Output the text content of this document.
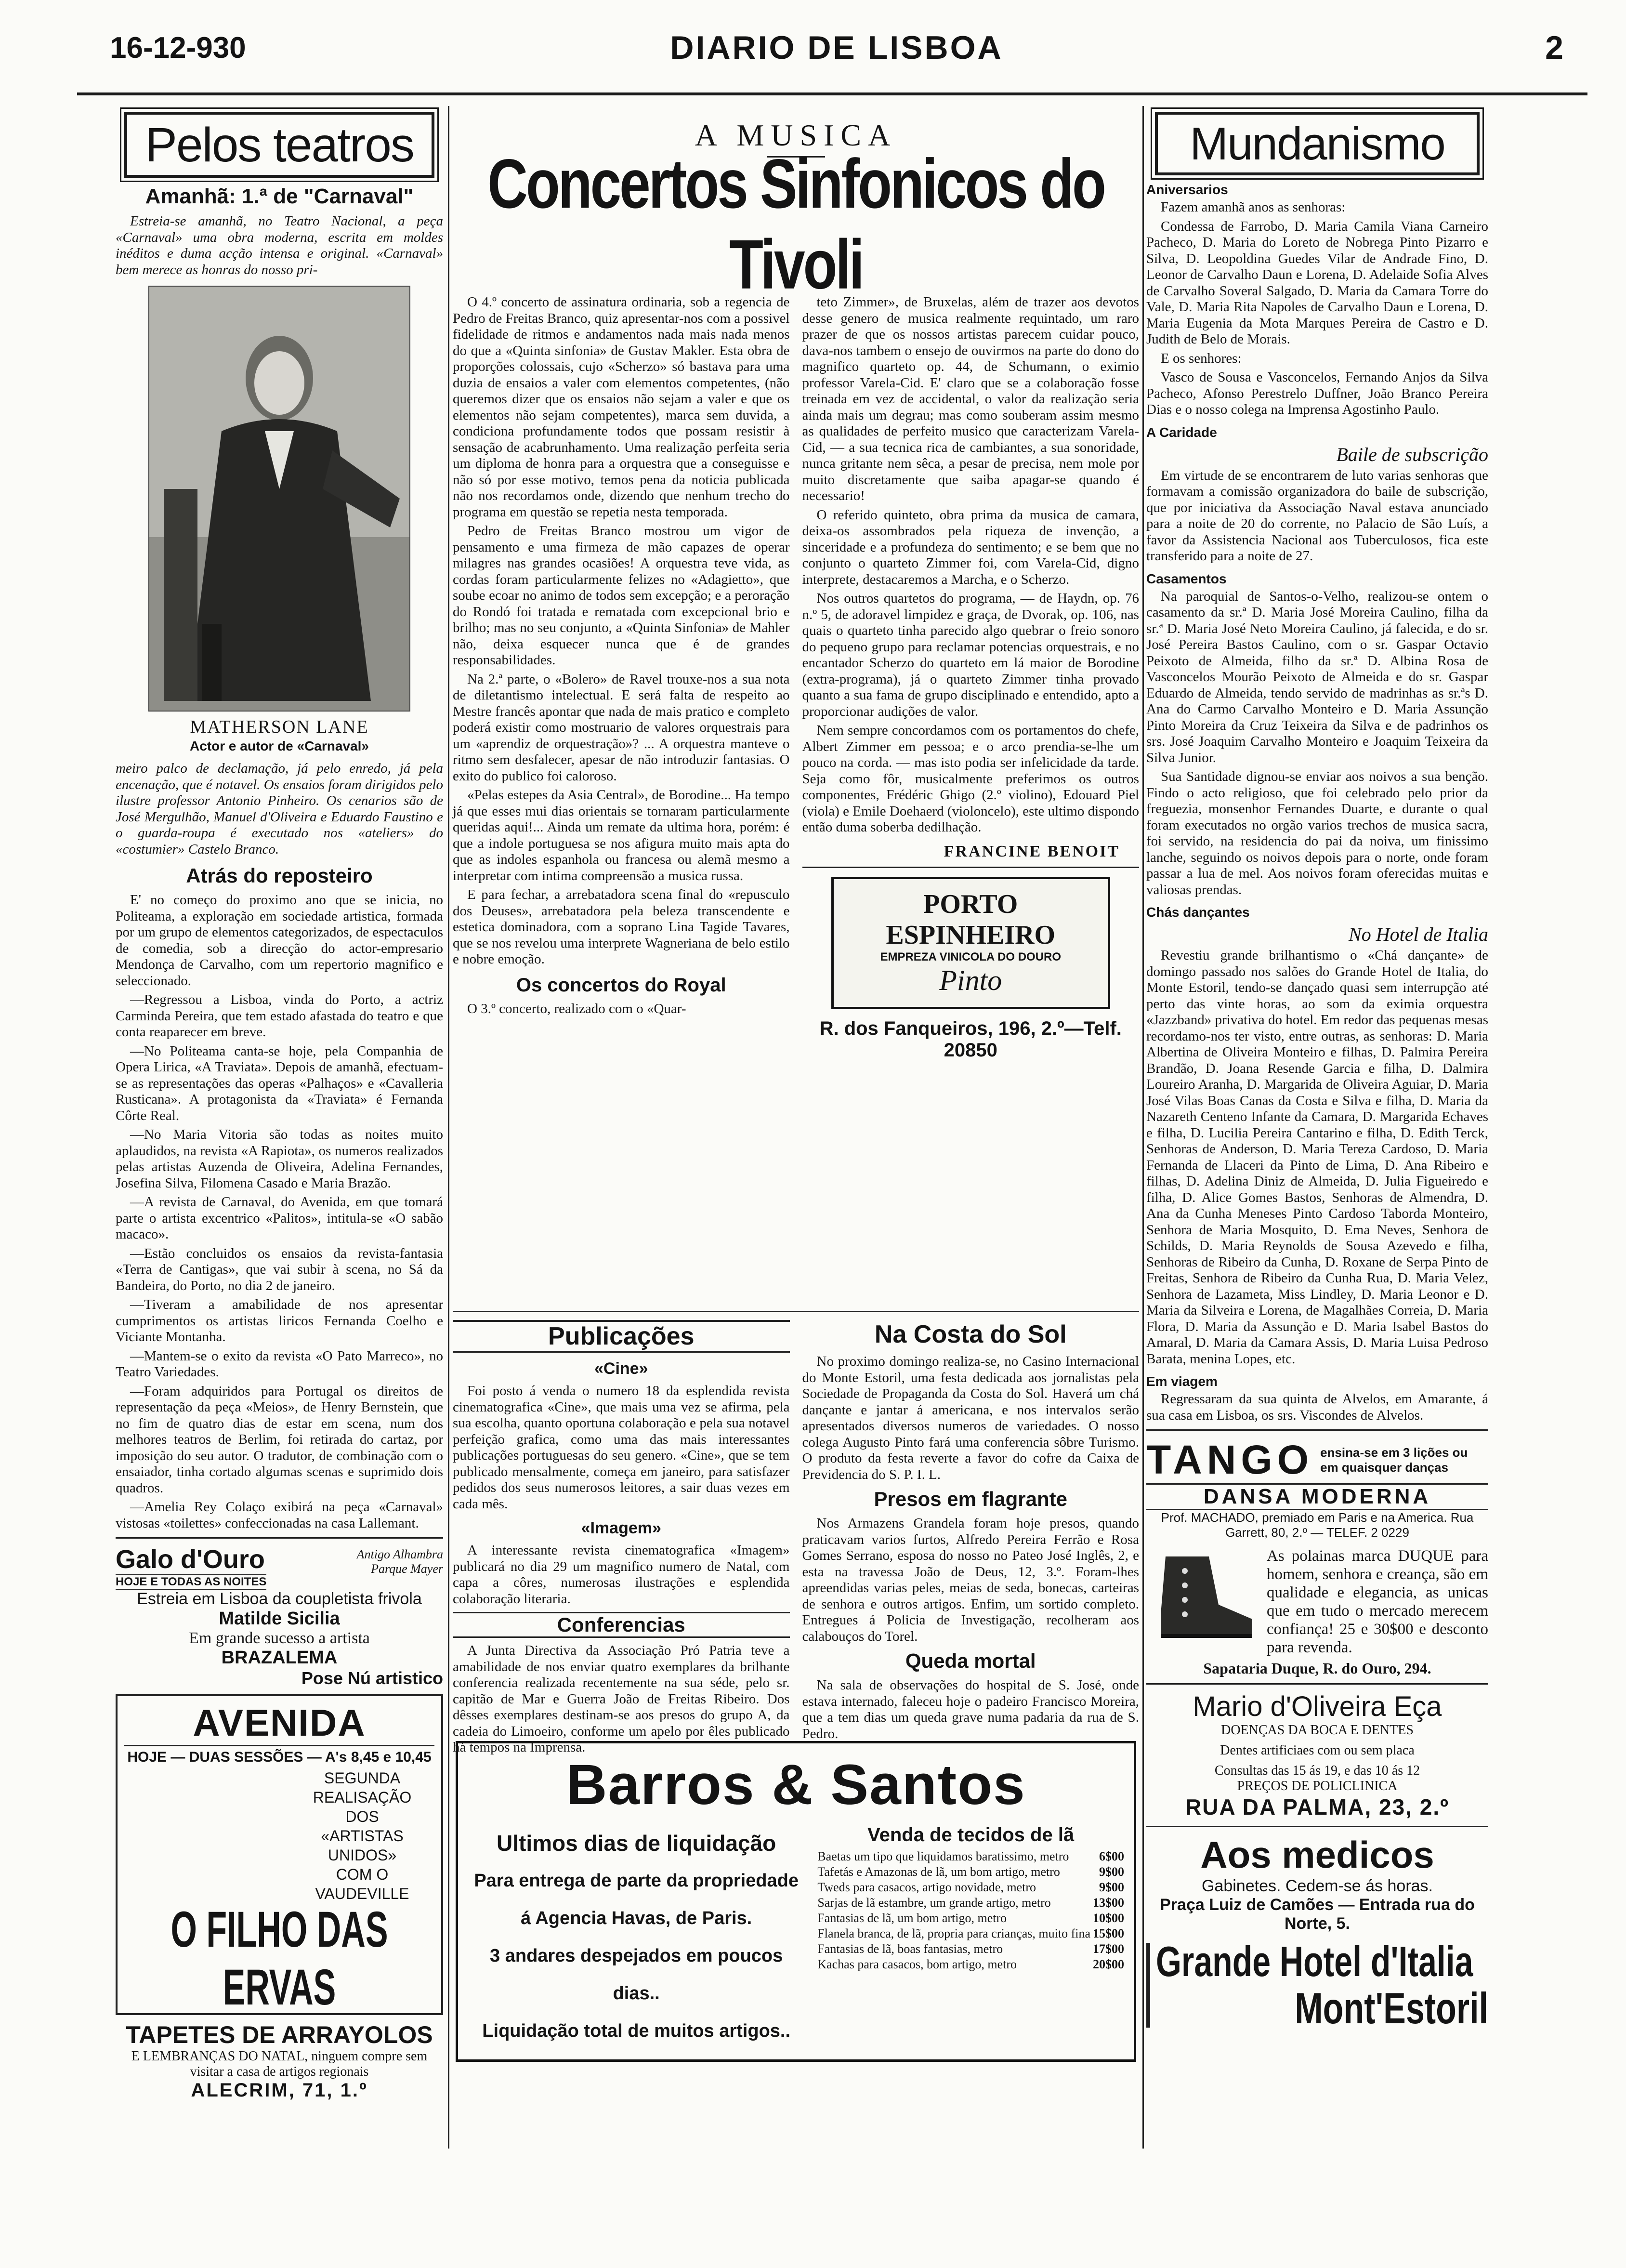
16-12-930	DIARIO DE LISBOA	2
Pelos teatros
Amanhã: 1.ª de "Carnaval"

Estreia-se amanhã, no Teatro Nacional, a peça «Carnaval» uma obra moderna, escrita em moldes inéditos e duma acção intensa e original. «Carnaval» bem merece as honras do nosso pri-

MATHERSON LANE
Actor e autor de «Carnaval»

meiro palco de declamação, já pelo enredo, já pela encenação, que é notavel. Os ensaios foram dirigidos pelo ilustre professor Antonio Pinheiro. Os cenarios são de José Mergulhão, Manuel d'Oliveira e Eduardo Faustino e o guarda-roupa é executado nos «ateliers» do «costumier» Castelo Branco.

Atrás do reposteiro

E' no começo do proximo ano que se inicia, no Politeama, a exploração em sociedade artistica, formada por um grupo de elementos categorizados, de espectaculos de comedia, sob a direcção do actor-empresario Mendonça de Carvalho, com um repertorio magnifico e seleccionado.

—Regressou a Lisboa, vinda do Porto, a actriz Carminda Pereira, que tem estado afastada do teatro e que conta reaparecer em breve.

—No Politeama canta-se hoje, pela Companhia de Opera Lirica, «A Traviata». Depois de amanhã, efectuam-se as representações das operas «Palhaços» e «Cavalleria Rusticana». A protagonista da «Traviata» é Fernanda Côrte Real.

—No Maria Vitoria são todas as noites muito aplaudidos, na revista «A Rapiota», os numeros realizados pelas artistas Auzenda de Oliveira, Adelina Fernandes, Josefina Silva, Filomena Casado e Maria Brazão.

—A revista de Carnaval, do Avenida, em que tomará parte o artista excentrico «Palitos», intitula-se «O sabão macaco».

—Estão concluidos os ensaios da revista-fantasia «Terra de Cantigas», que vai subir à scena, no Sá da Bandeira, do Porto, no dia 2 de janeiro.

—Tiveram a amabilidade de nos apresentar cumprimentos os artistas liricos Fernanda Coelho e Viciante Montanha.

—Mantem-se o exito da revista «O Pato Marreco», no Teatro Variedades.

—Foram adquiridos para Portugal os direitos de representação da peça «Meios», de Henry Bernstein, que no fim de quatro dias de estar em scena, num dos melhores teatros de Berlim, foi retirada do cartaz, por imposição do seu autor. O tradutor, de combinação com o ensaiador, tinha cortado algumas scenas e suprimido dois quadros.

—Amelia Rey Colaço exibirá na peça «Carnaval» vistosas «toilettes» confeccionadas na casa Lallemant.

Galo d'Ouro
HOJE E TODAS AS NOITES
Antigo Alhambra
Parque Mayer
Estreia em Lisboa da coupletista frivola
Matilde Sicilia
Em grande sucesso a artista
BRAZALEMA
Pose Nú artistico
AVENIDA
HOJE — DUAS SESSÕES — A's 8,45 e 10,45
SEGUNDA
REALISAÇÃO
DOS
«ARTISTAS
UNIDOS»
COM O
VAUDEVILLE
O FILHO DAS ERVAS
TAPETES DE ARRAYOLOS
E LEMBRANÇAS DO NATAL, ninguem compre sem visitar a casa de artigos regionais
ALECRIM, 71, 1.º
A MUSICA
Concertos Sinfonicos do Tivoli

O 4.º concerto de assinatura ordinaria, sob a regencia de Pedro de Freitas Branco, quiz apresentar-nos com a possivel fidelidade de ritmos e andamentos nada mais nada menos do que a «Quinta sinfonia» de Gustav Makler. Esta obra de proporções colossais, cujo «Scherzo» só bastava para uma duzia de ensaios a valer com elementos competentes, (não queremos dizer que os ensaios não sejam a valer e que os elementos não sejam competentes), marca sem duvida, a condiciona profundamente todos que possam resistir à sensação de acabrunhamento. Uma realização perfeita seria um diploma de honra para a orquestra que a conseguisse e não só por esse motivo, temos pena da noticia publicada não nos recordamos onde, dizendo que nenhum trecho do programa em questão se repetia nesta temporada.

Pedro de Freitas Branco mostrou um vigor de pensamento e uma firmeza de mão capazes de operar milagres nas grandes ocasiões! A orquestra teve vida, as cordas foram particularmente felizes no «Adagietto», que soube ecoar no animo de todos sem excepção; e a peroração do Rondó foi tratada e rematada com excepcional brio e brilho; mas no seu conjunto, a «Quinta Sinfonia» de Mahler não, deixa esquecer nunca que é de grandes responsabilidades.

Na 2.ª parte, o «Bolero» de Ravel trouxe-nos a sua nota de diletantismo intelectual. E será falta de respeito ao Mestre francês apontar que nada de mais pratico e completo poderá existir como mostruario de valores orquestrais para um «aprendiz de orquestração»? ... A orquestra manteve o ritmo sem desfalecer, apesar de não introduzir fantasias. O exito do publico foi caloroso.

«Pelas estepes da Asia Central», de Borodine... Ha tempo já que esses mui dias orientais se tornaram particularmente queridas aqui!... Ainda um remate da ultima hora, porém: é que a indole portuguesa se nos afigura muito mais apta do que as indoles espanhola ou francesa ou alemã mesmo a interpretar com intima compreensão a musica russa.

E para fechar, a arrebatadora scena final do «repusculo dos Deuses», arrebatadora pela beleza transcendente e estetica dominadora, com a soprano Lina Tagide Tavares, que se nos revelou uma interprete Wagneriana de belo estilo e nobre emoção.

Os concertos do Royal

O 3.º concerto, realizado com o «Quar-

teto Zimmer», de Bruxelas, além de trazer aos devotos desse genero de musica realmente requintado, um raro prazer de que os nossos artistas parecem cuidar pouco, dava-nos tambem o ensejo de ouvirmos na parte do dono do magnifico quarteto op. 44, de Schumann, o eximio professor Varela-Cid. E' claro que se a colaboração fosse treinada em vez de accidental, o valor da realização seria ainda mais um degrau; mas como souberam assim mesmo as qualidades de perfeito musico que caracterizam Varela-Cid, — a sua tecnica rica de cambiantes, a sua sonoridade, nunca gritante nem sêca, a pesar de precisa, nem mole por muito discretamente que saiba apagar-se quando é necessario!

O referido quinteto, obra prima da musica de camara, deixa-os assombrados pela riqueza de invenção, a sinceridade e a profundeza do sentimento; e se bem que no conjunto o quarteto Zimmer foi, com Varela-Cid, digno interprete, destacaremos a Marcha, e o Scherzo.

Nos outros quartetos do programa, — de Haydn, op. 76 n.º 5, de adoravel limpidez e graça, de Dvorak, op. 106, nas quais o quarteto tinha parecido algo quebrar o freio sonoro do pequeno grupo para reclamar potencias orquestrais, e no encantador Scherzo do quarteto em lá maior de Borodine (extra-programa), já o quarteto Zimmer tinha provado quanto a sua fama de grupo disciplinado e entendido, apto a proporcionar audições de valor.

Nem sempre concordamos com os portamentos do chefe, Albert Zimmer em pessoa; e o arco prendia-se-lhe um pouco na corda. — mas isto podia ser infelicidade da tarde. Seja como fôr, musicalmente preferimos os outros componentes, Frédéric Ghigo (2.º violino), Edouard Piel (viola) e Emile Doehaerd (violoncelo), este ultimo dispondo então duma soberba dedilhação.

FRANCINE BENOIT
PORTO ESPINHEIRO
EMPREZA VINICOLA DO DOURO
Pinto
R. dos Fanqueiros, 196, 2.º—Telf. 20850
Publicações
«Cine»

Foi posto á venda o numero 18 da esplendida revista cinematografica «Cine», que mais uma vez se afirma, pela sua escolha, quanto oportuna colaboração e pela sua notavel perfeição grafica, como uma das mais interessantes publicações portuguesas do seu genero. «Cine», que se tem publicado mensalmente, começa em janeiro, para satisfazer pedidos dos seus numerosos leitores, a sair duas vezes em cada mês.

«Imagem»

A interessante revista cinematografica «Imagem» publicará no dia 29 um magnifico numero de Natal, com capa a côres, numerosas ilustrações e esplendida colaboração literaria.

Conferencias

A Junta Directiva da Associação Pró Patria teve a amabilidade de nos enviar quatro exemplares da brilhante conferencia realizada recentemente na sua séde, pelo sr. capitão de Mar e Guerra João de Freitas Ribeiro. Dos dêsses exemplares destinam-se aos presos do grupo A, da cadeia do Limoeiro, conforme um apelo por êles publicado há tempos na Imprensa.

Na Costa do Sol

No proximo domingo realiza-se, no Casino Internacional do Monte Estoril, uma festa dedicada aos jornalistas pela Sociedade de Propaganda da Costa do Sol. Haverá um chá dançante e jantar á americana, e nos intervalos serão apresentados diversos numeros de variedades. O nosso colega Augusto Pinto fará uma conferencia sôbre Turismo. O produto da festa reverte a favor do cofre da Caixa de Previdencia do S. P. I. L.

Presos em flagrante

Nos Armazens Grandela foram hoje presos, quando praticavam varios furtos, Alfredo Pereira Ferrão e Rosa Gomes Serrano, esposa do nosso no Pateo José Inglês, 2, e esta na travessa João de Deus, 12, 3.º. Foram-lhes apreendidas varias peles, meias de seda, bonecas, carteiras de senhora e outros artigos. Enfim, um sortido completo. Entregues á Policia de Investigação, recolheram aos calabouços do Torel.

Queda mortal

Na sala de observações do hospital de S. José, onde estava internado, faleceu hoje o padeiro Francisco Moreira, que a tem dias um queda grave numa padaria da rua de S. Pedro.

Barros & Santos
Ultimos dias de liquidação
Para entrega de parte da propriedade
á Agencia Havas, de Paris.
3 andares despejados em poucos dias..
Liquidação total de muitos artigos..
Venda de tecidos de lã
Baetas um tipo que liquidamos baratissimo, metro 6$00
Tafetás e Amazonas de lã, um bom artigo, metro	9$00
Tweds para casacos, artigo novidade, metro	9$00
Sarjas de lã estambre, um grande artigo, metro	13$00
Fantasias de lã, um bom artigo, metro	10$00
Flanela branca, de lã, propria para crianças, muito fina 15$00
Fantasias de lã, boas fantasias, metro	17$00
Kachas para casacos, bom artigo, metro	20$00
Mundanismo
Aniversarios

Fazem amanhã anos as senhoras:

Condessa de Farrobo, D. Maria Camila Viana Carneiro Pacheco, D. Maria do Loreto de Nobrega Pinto Pizarro e Silva, D. Leopoldina Guedes Vilar de Andrade Fino, D. Leonor de Carvalho Daun e Lorena, D. Adelaide Sofia Alves de Carvalho Soveral Salgado, D. Maria da Camara Torre do Vale, D. Maria Rita Napoles de Carvalho Daun e Lorena, D. Maria Eugenia da Mota Marques Pereira de Castro e D. Judith de Belo de Morais.

E os senhores:

Vasco de Sousa e Vasconcelos, Fernando Anjos da Silva Pacheco, Afonso Perestrelo Duffner, João Branco Pereira Dias e o nosso colega na Imprensa Agostinho Paulo.

A Caridade
Baile de subscrição

Em virtude de se encontrarem de luto varias senhoras que formavam a comissão organizadora do baile de subscrição, que por iniciativa da Associação Naval estava anunciado para a noite de 20 do corrente, no Palacio de São Luís, a favor da Assistencia Nacional aos Tuberculosos, fica este transferido para a noite de 27.

Casamentos

Na paroquial de Santos-o-Velho, realizou-se ontem o casamento da sr.ª D. Maria José Moreira Caulino, filha da sr.ª D. Maria José Neto Moreira Caulino, já falecida, e do sr. José Pereira Bastos Caulino, com o sr. Gaspar Octavio Peixoto de Almeida, filho da sr.ª D. Albina Rosa de Vasconcelos Mourão Peixoto de Almeida e do sr. Gaspar Eduardo de Almeida, tendo servido de madrinhas as sr.ªs D. Ana do Carmo Carvalho Monteiro e D. Maria Assunção Pinto Moreira da Cruz Teixeira da Silva e de padrinhos os srs. José Joaquim Carvalho Monteiro e Joaquim Teixeira da Silva Junior.

Sua Santidade dignou-se enviar aos noivos a sua benção. Findo o acto religioso, que foi celebrado pelo prior da freguezia, monsenhor Fernandes Duarte, e durante o qual foram executados no orgão varios trechos de musica sacra, foi servido, na residencia do pai da noiva, um finissimo lanche, seguindo os noivos depois para o norte, onde foram passar a lua de mel. Aos noivos foram oferecidas muitas e valiosas prendas.

Chás dançantes
No Hotel de Italia

Revestiu grande brilhantismo o «Chá dançante» de domingo passado nos salões do Grande Hotel de Italia, do Monte Estoril, tendo-se dançado quasi sem interrupção até perto das vinte horas, ao som da eximia orquestra «Jazzband» privativa do hotel. Em redor das pequenas mesas recordamo-nos ter visto, entre outras, as senhoras: D. Maria Albertina de Oliveira Monteiro e filhas, D. Palmira Pereira Brandão, D. Joana Resende Garcia e filha, D. Dalmira Loureiro Aranha, D. Margarida de Oliveira Aguiar, D. Maria José Vilas Boas Canas da Costa e Silva e filha, D. Maria da Nazareth Centeno Infante da Camara, D. Margarida Echaves e filha, D. Lucilia Pereira Cantarino e filha, D. Edith Terck, Senhoras de Anderson, D. Maria Tereza Cardoso, D. Maria Fernanda de Llaceri da Pinto de Lima, D. Ana Ribeiro e filhas, D. Adelina Diniz de Almeida, D. Julia Figueiredo e filha, D. Alice Gomes Bastos, Senhoras de Almendra, D. Ana da Cunha Meneses Pinto Cardoso Taborda Monteiro, Senhora de Maria Mosquito, D. Ema Neves, Senhora de Schilds, D. Maria Reynolds de Sousa Azevedo e filha, Senhoras de Ribeiro da Cunha, D. Roxane de Serpa Pinto de Freitas, Senhora de Ribeiro da Cunha Rua, D. Maria Velez, Senhora de Lazameta, Miss Lindley, D. Maria Leonor e D. Maria da Silveira e Lorena, de Magalhães Correia, D. Maria Flora, D. Maria da Assunção e D. Maria Isabel Bastos do Amaral, D. Maria da Camara Assis, D. Maria Luisa Pedroso Barata, menina Lopes, etc.

Em viagem

Regressaram da sua quinta de Alvelos, em Amarante, á sua casa em Lisboa, os srs. Viscondes de Alvelos.

TANGO ensina-se em 3 lições ou em quaisquer danças
DANSA MODERNA
Prof. MACHADO, premiado em Paris e na America. Rua Garrett, 80, 2.º — TELEF. 2 0229

As polainas marca DUQUE para homem, senhora e creança, são em qualidade e elegancia, as unicas que em tudo o mercado merecem confiança! 25 e 30$00 e desconto para revenda.

Sapataria Duque, R. do Ouro, 294.
Mario d'Oliveira Eça
DOENÇAS DA BOCA E DENTES
Dentes artificiaes com ou sem placa
Consultas das 15 ás 19, e das 10 ás 12
PREÇOS DE POLICLINICA
RUA DA PALMA, 23, 2.º
Aos medicos
Gabinetes. Cedem-se ás horas.
Praça Luiz de Camões — Entrada rua do Norte, 5.
Grande Hotel d'Italia
Mont'Estoril
